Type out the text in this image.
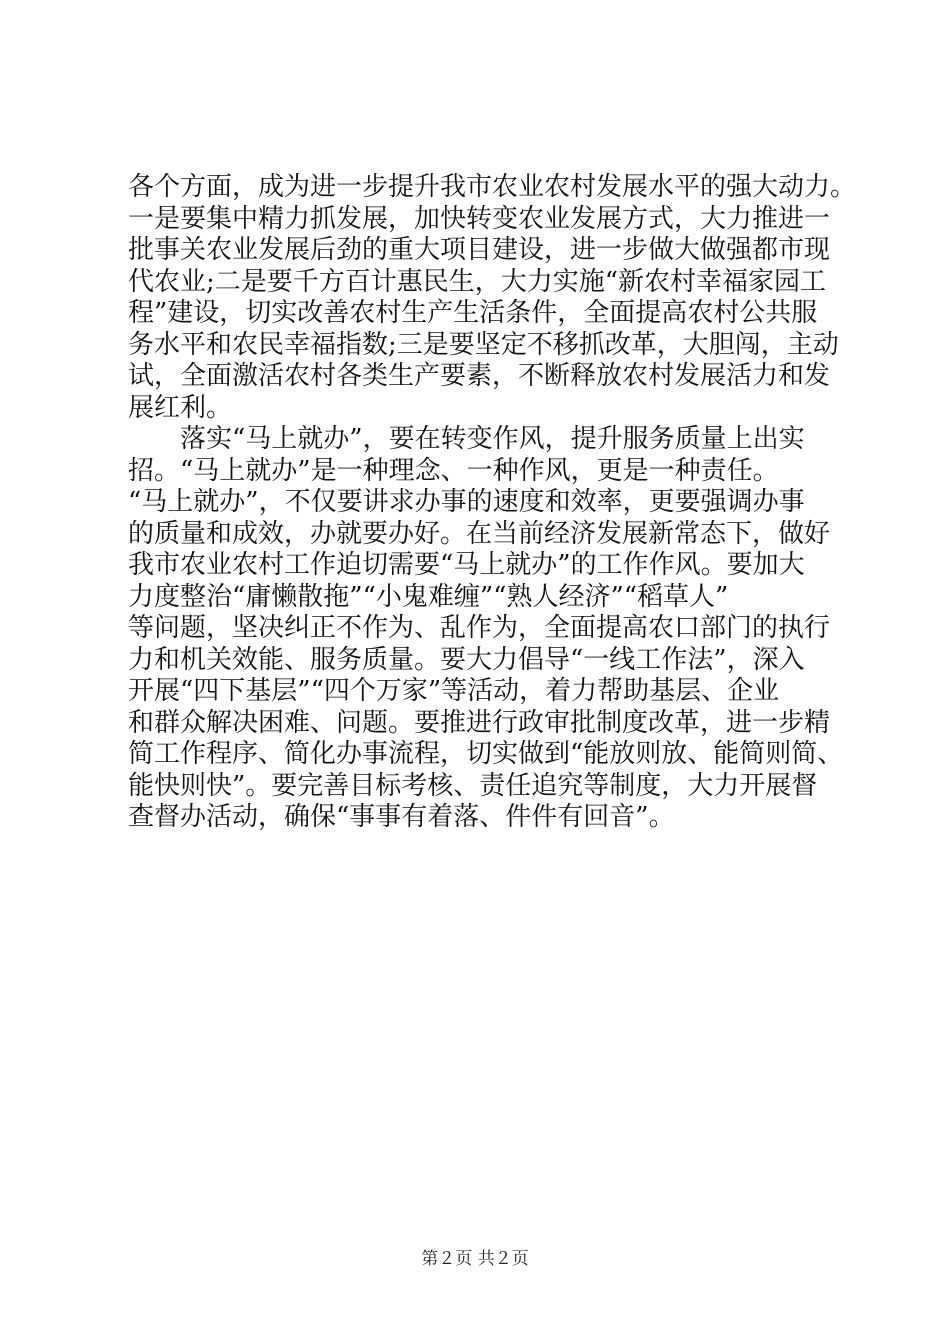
各个方面，成为进一步提升我市农业农村发展水平的强大动力。
一是要集中精力抓发展，加快转变农业发展方式，大力推进一
批事关农业发展后劲的重大项目建设，进一步做大做强都市现
代农业;二是要千方百计惠民生，大力实施“新农村幸福家园工
程”建设，切实改善农村生产生活条件，全面提高农村公共服
务水平和农民幸福指数;三是要坚定不移抓改革，大胆闯，主动
试，全面激活农村各类生产要素，不断释放农村发展活力和发
展红利。
　　落实“马上就办”，要在转变作风，提升服务质量上出实
招。“马上就办”是一种理念、一种作风，更是一种责任。
“马上就办”，不仅要讲求办事的速度和效率，更要强调办事
的质量和成效，办就要办好。在当前经济发展新常态下，做好
我市农业农村工作迫切需要“马上就办”的工作作风。要加大
力度整治“庸懒散拖”“小鬼难缠”“熟人经济”“稻草人”
等问题，坚决纠正不作为、乱作为，全面提高农口部门的执行
力和机关效能、服务质量。要大力倡导“一线工作法”，深入
开展“四下基层”“四个万家”等活动，着力帮助基层、企业
和群众解决困难、问题。要推进行政审批制度改革，进一步精
简工作程序、简化办事流程，切实做到“能放则放、能简则简、
能快则快”。要完善目标考核、责任追究等制度，大力开展督
查督办活动，确保“事事有着落、件件有回音”。
第２页 共２页
